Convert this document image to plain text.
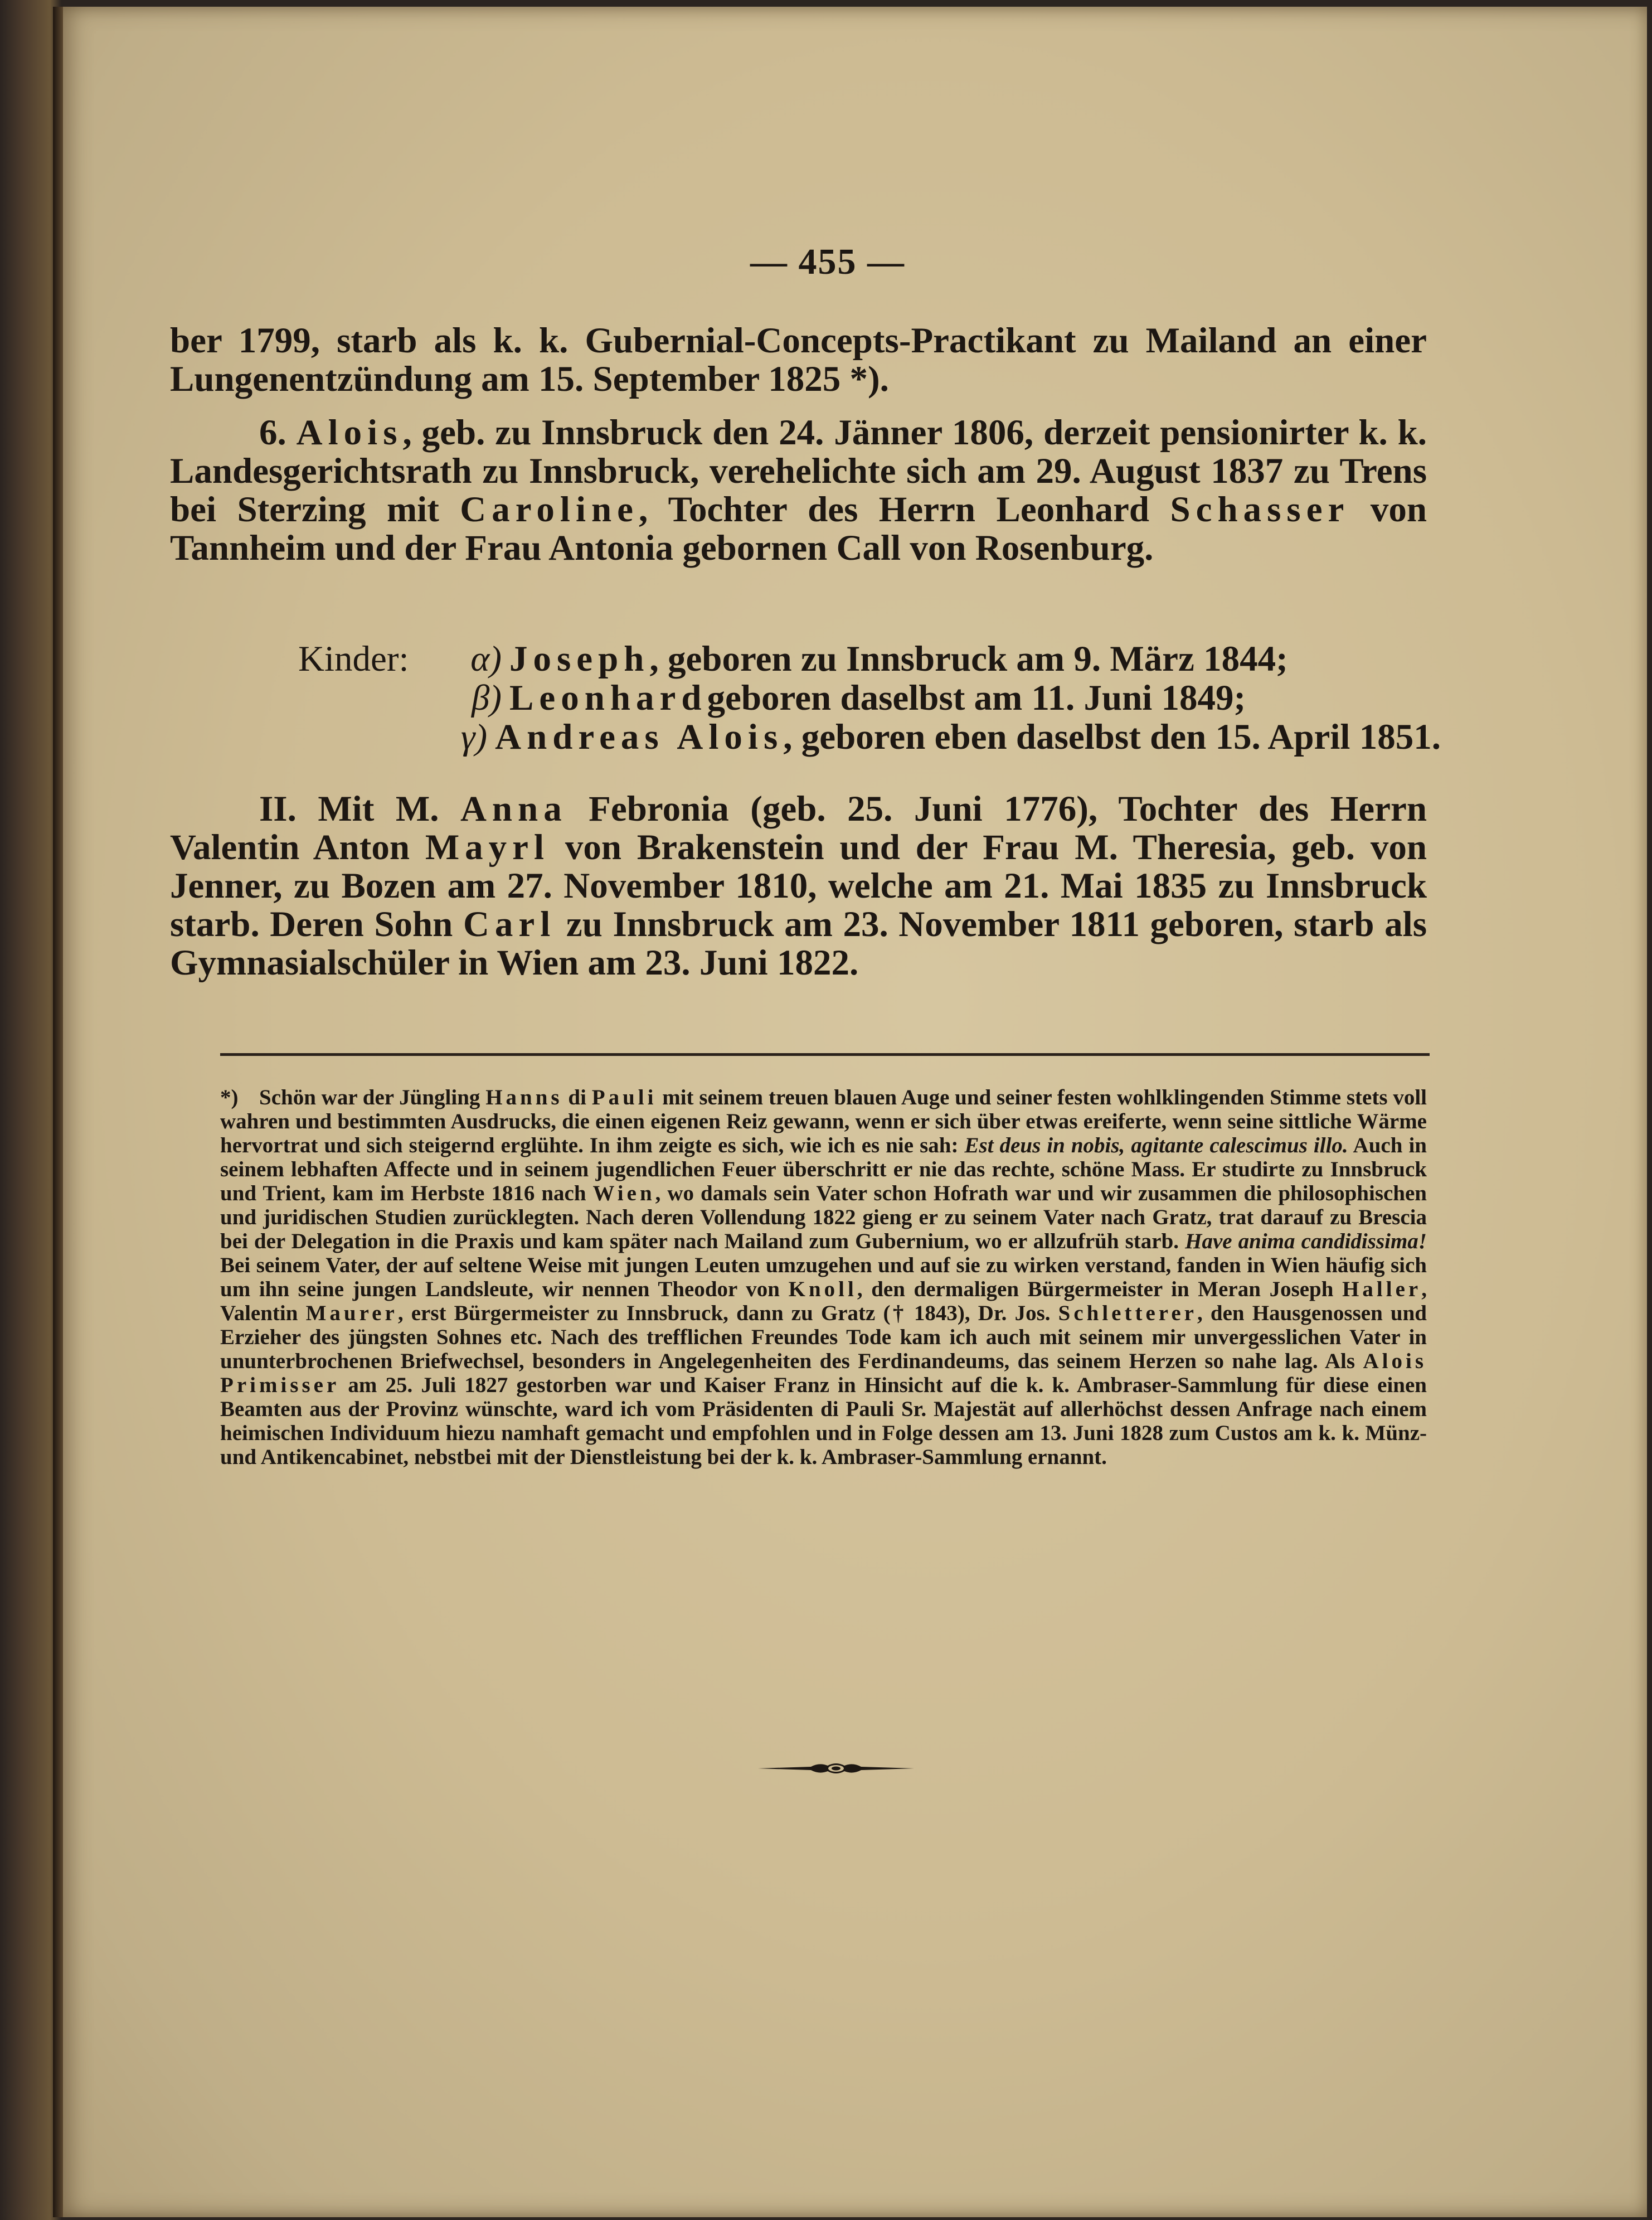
— 455 —

ber 1799, starb als k. k. Gubernial-Concepts-Practikant zu Mailand an einer Lungenentzündung am 15. September 1825 *).

6. Alois, geb. zu Innsbruck den 24. Jänner 1806, derzeit pensionirter k. k. Landesgerichtsrath zu Innsbruck, verehelichte sich am 29. August 1837 zu Trens bei Sterzing mit Caroline, Tochter des Herrn Leonhard Schasser von Tannheim und der Frau Antonia gebornen Call von Rosenburg.

Kinder:	α) Joseph , geboren zu Innsbruck am 9. März 1844;
β) Leonhard geboren daselbst am 11. Juni 1849;
γ) Andreas Alois , geboren eben daselbst den 15. April 1851.

II. Mit M. Anna Febronia (geb. 25. Juni 1776), Tochter des Herrn Valentin Anton Mayrl von Brakenstein und der Frau M. Theresia, geb. von Jenner, zu Bozen am 27. November 1810, welche am 21. Mai 1835 zu Innsbruck starb. Deren Sohn Carl zu Innsbruck am 23. November 1811 geboren, starb als Gymnasialschüler in Wien am 23. Juni 1822.

*) Schön war der Jüngling Hanns di Pauli mit seinem treuen blauen Auge und seiner festen wohlklingenden Stimme stets voll wahren und bestimmten Ausdrucks, die einen eigenen Reiz gewann, wenn er sich über etwas ereiferte, wenn seine sittliche Wärme hervortrat und sich steigernd erglühte. In ihm zeigte es sich, wie ich es nie sah: Est deus in nobis, agitante calescimus illo. Auch in seinem lebhaften Affecte und in seinem jugendlichen Feuer überschritt er nie das rechte, schöne Mass. Er studirte zu Innsbruck und Trient, kam im Herbste 1816 nach Wien, wo damals sein Vater schon Hofrath war und wir zusammen die philosophischen und juridischen Studien zurücklegten. Nach deren Vollendung 1822 gieng er zu seinem Vater nach Gratz, trat darauf zu Brescia bei der Delegation in die Praxis und kam später nach Mailand zum Gubernium, wo er allzufrüh starb. Have anima candidissima! Bei seinem Vater, der auf seltene Weise mit jungen Leuten umzugehen und auf sie zu wirken verstand, fanden in Wien häufig sich um ihn seine jungen Landsleute, wir nennen Theodor von Knoll, den dermaligen Bürgermeister in Meran Joseph Haller, Valentin Maurer, erst Bürgermeister zu Innsbruck, dann zu Gratz († 1843), Dr. Jos. Schletterer, den Hausgenossen und Erzieher des jüngsten Sohnes etc. Nach des trefflichen Freundes Tode kam ich auch mit seinem mir unvergesslichen Vater in ununterbrochenen Briefwechsel, besonders in Angelegenheiten des Ferdinandeums, das seinem Herzen so nahe lag. Als Alois Primisser am 25. Juli 1827 gestorben war und Kaiser Franz in Hinsicht auf die k. k. Ambraser-Sammlung für diese einen Beamten aus der Provinz wünschte, ward ich vom Präsidenten di Pauli Sr. Majestät auf allerhöchst dessen Anfrage nach einem heimischen Individuum hiezu namhaft gemacht und empfohlen und in Folge dessen am 13. Juni 1828 zum Custos am k. k. Münz- und Antikencabinet, nebstbei mit der Dienstleistung bei der k. k. Ambraser-Sammlung ernannt.
